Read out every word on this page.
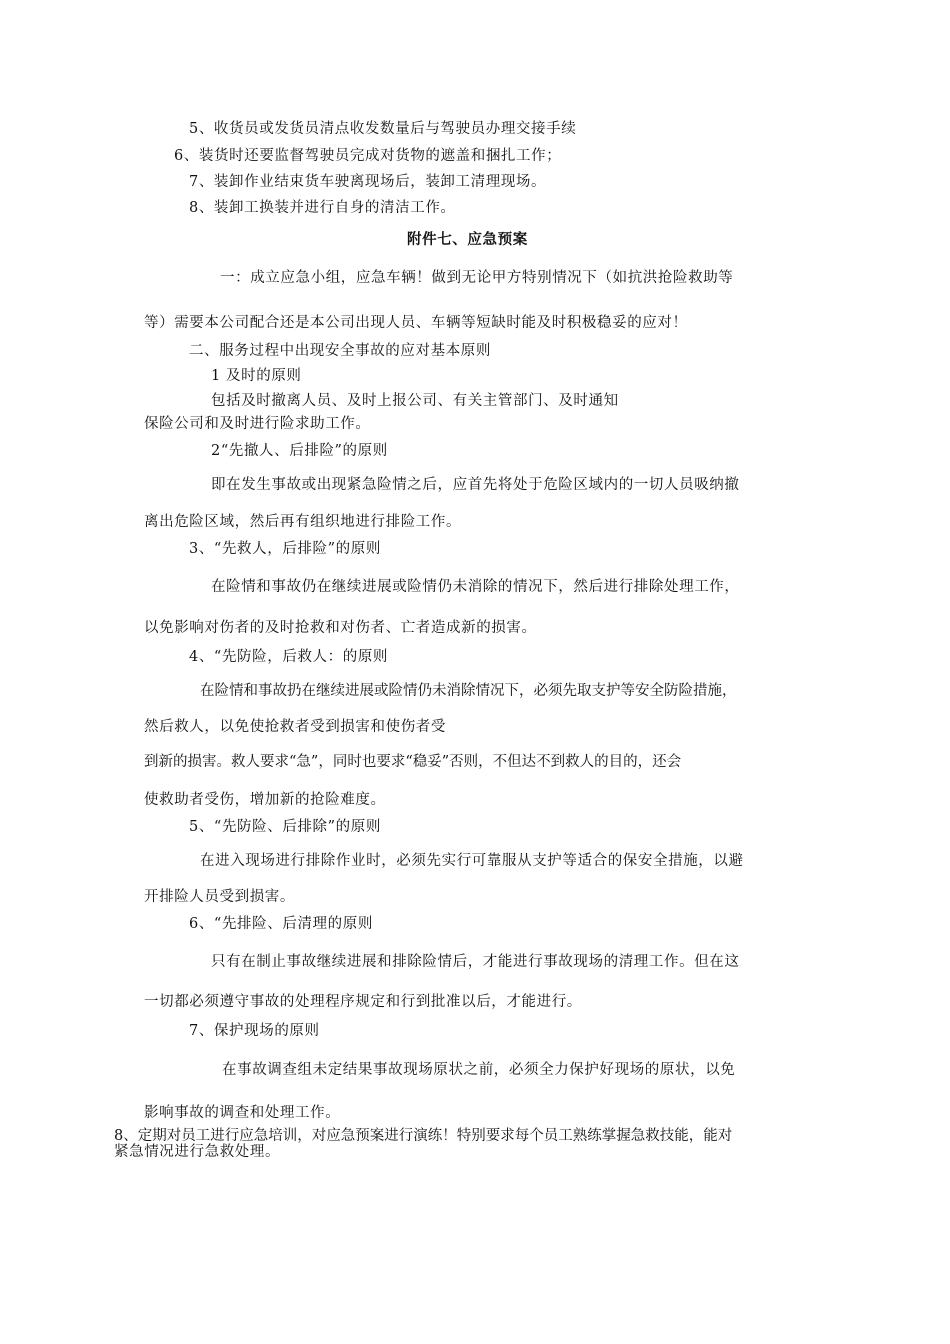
5、收货员或发货员清点收发数量后与驾驶员办理交接手续
6、装货时还要监督驾驶员完成对货物的遮盖和捆扎工作；
7、装卸作业结束货车驶离现场后，装卸工清理现场。
8、装卸工换装并进行自身的清洁工作。
附件七、应急预案
一：成立应急小组，应急车辆！做到无论甲方特别情况下（如抗洪抢险救助等
等）需要本公司配合还是本公司出现人员、车辆等短缺时能及时积极稳妥的应对！
二、服务过程中出现安全事故的应对基本原则
1 及时的原则
包括及时撤离人员、及时上报公司、有关主管部门、及时通知
保险公司和及时进行险求助工作。
2“先撤人、后排险”的原则
即在发生事故或出现紧急险情之后，应首先将处于危险区域内的一切人员吸纳撤
离出危险区域，然后再有组织地进行排险工作。
3、“先救人，后排险”的原则
在险情和事故仍在继续进展或险情仍未消除的情况下，然后进行排除处理工作，
以免影响对伤者的及时抢救和对伤者、亡者造成新的损害。
4、“先防险，后救人：的原则
在险情和事故扔在继续进展或险情仍未消除情况下，必须先取支护等安全防险措施，
然后救人，以免使抢救者受到损害和使伤者受
到新的损害。救人要求“急”，同时也要求“稳妥”否则，不但达不到救人的目的，还会
使救助者受伤，增加新的抢险难度。
5、“先防险、后排除”的原则
在进入现场进行排除作业时，必须先实行可靠服从支护等适合的保安全措施，以避
开排险人员受到损害。
6、“先排险、后清理的原则
只有在制止事故继续进展和排除险情后，才能进行事故现场的清理工作。但在这
一切都必须遵守事故的处理程序规定和行到批准以后，才能进行。
7、保护现场的原则
在事故调查组未定结果事故现场原状之前，必须全力保护好现场的原状，以免
影响事故的调查和处理工作。
8、定期对员工进行应急培训，对应急预案进行演练！特别要求每个员工熟练掌握急救技能，能对
紧急情况进行急救处理。
